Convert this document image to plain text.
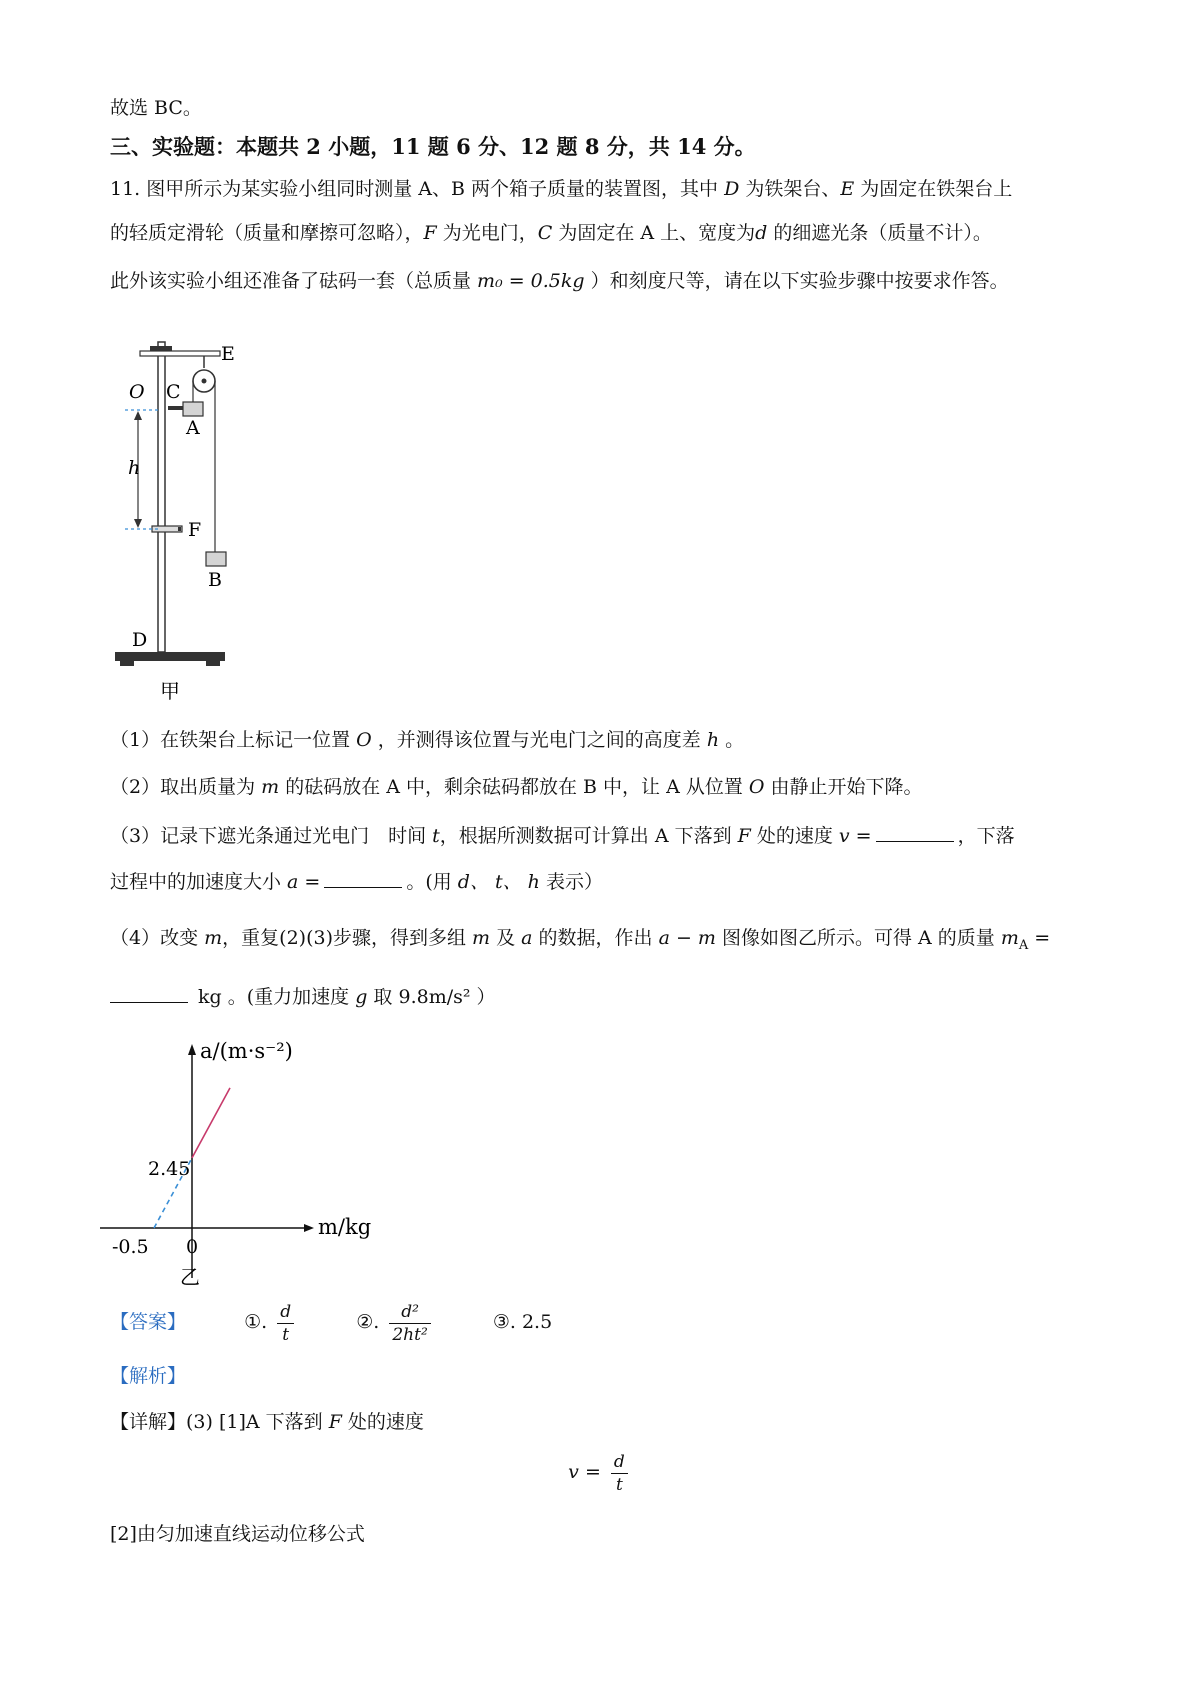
故选 BC。
三、实验题：本题共 2 小题，11 题 6 分、12 题 8 分，共 14 分。
11. 图甲所示为某实验小组同时测量 A、B 两个箱子质量的装置图，其中 D 为铁架台、E 为固定在铁架台上
的轻质定滑轮（质量和摩擦可忽略），F 为光电门，C 为固定在 A 上、宽度为d 的细遮光条（质量不计）。
此外该实验小组还准备了砝码一套（总质量 m₀ = 0.5kg ）和刻度尺等，请在以下实验步骤中按要求作答。
E
O C
A
h
F
B
D
甲
（1）在铁架台上标记一位置 O ，并测得该位置与光电门之间的高度差 h 。
（2）取出质量为 m 的砝码放在 A 中，剩余砝码都放在 B 中，让 A 从位置 O 由静止开始下降。
（3）记录下遮光条通过光电门　时间 t，根据所测数据可计算出 A 下落到 F 处的速度 v =	，下落
过程中的加速度大小 a =	。(用 d、 t、 h 表示）
（4）改变 m，重复(2)(3)步骤，得到多组 m 及 a 的数据，作出 a − m 图像如图乙所示。可得 A 的质量 $m_A$ =
kg 。(重力加速度 g 取 9.8m/s² ）
a/(m·s⁻²)
m/kg
2.45
-0.5 0
乙
【答案】	①. $\frac{d}{t}$	②. $\frac{\text{d²}}{\text{2ht²}}$	③. 2.5
【解析】
【详解】(3) [1]A 下落到 F 处的速度
$v = \frac{d}{t}$
[2]由匀加速直线运动位移公式
